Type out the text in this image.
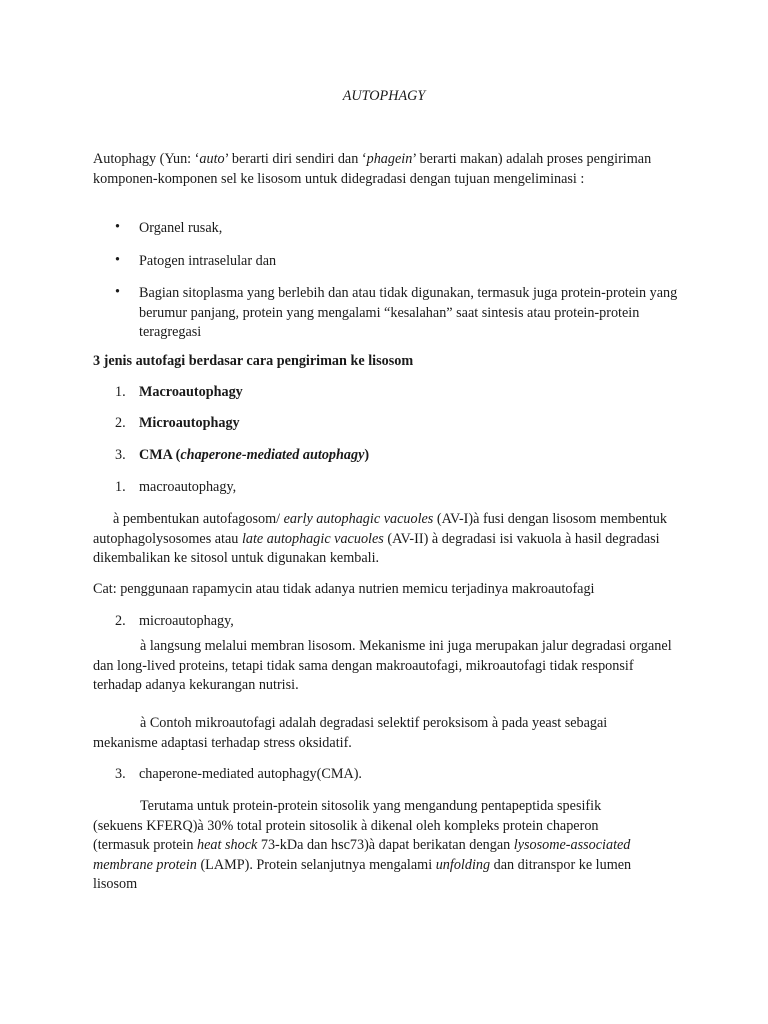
AUTOPHAGY

Autophagy (Yun: ‘auto’ berarti diri sendiri dan ‘phagein’ berarti makan) adalah proses pengiriman komponen-komponen sel ke lisosom untuk didegradasi dengan tujuan mengeliminasi :

• Organel rusak,
• Patogen intraselular dan
• Bagian sitoplasma yang berlebih dan atau tidak digunakan, termasuk juga protein-protein yang berumur panjang, protein yang mengalami “kesalahan” saat sintesis atau protein-protein teragregasi

3 jenis autofagi berdasar cara pengiriman ke lisosom

1. Macroautophagy
2. Microautophagy
3. CMA (chaperone-mediated autophagy)
1. macroautophagy,

à pembentukan autofagosom/ early autophagic vacuoles (AV-I)à fusi dengan lisosom membentuk autophagolysosomes atau late autophagic vacuoles (AV-II) à degradasi isi vakuola à hasil degradasi dikembalikan ke sitosol untuk digunakan kembali.

Cat: penggunaan rapamycin atau tidak adanya nutrien memicu terjadinya makroautofagi

2. microautophagy,

à langsung melalui membran lisosom. Mekanisme ini juga merupakan jalur degradasi organel dan long-lived proteins, tetapi tidak sama dengan makroautofagi, mikroautofagi tidak responsif terhadap adanya kekurangan nutrisi.

à Contoh mikroautofagi adalah degradasi selektif peroksisom à pada yeast sebagai mekanisme adaptasi terhadap stress oksidatif.

3. chaperone-mediated autophagy(CMA).

Terutama untuk protein-protein sitosolik yang mengandung pentapeptida spesifik (sekuens KFERQ)à 30% total protein sitosolik à dikenal oleh kompleks protein chaperon (termasuk protein heat shock 73-kDa dan hsc73)à dapat berikatan dengan lysosome-associated membrane protein (LAMP). Protein selanjutnya mengalami unfolding dan ditranspor ke lumen lisosom
